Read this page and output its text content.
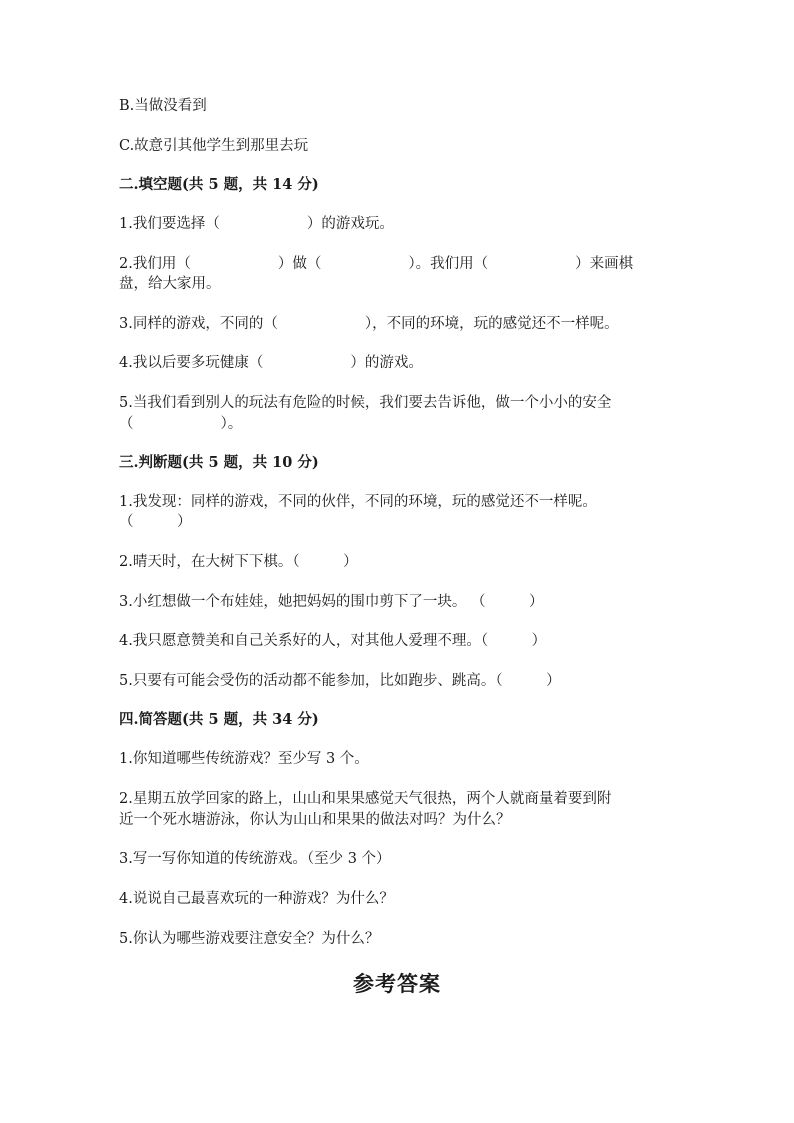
B.当做没看到
C.故意引其他学生到那里去玩
二.填空题(共 5 题，共 14 分)
1.我们要选择（　　　　　　）的游戏玩。
2.我们用（　　　　　　）做（　　　　　　）。我们用（　　　　　　）来画棋
盘，给大家用。
3.同样的游戏，不同的（　　　　　　），不同的环境，玩的感觉还不一样呢。
4.我以后要多玩健康（　　　　　　）的游戏。
5.当我们看到别人的玩法有危险的时候，我们要去告诉他，做一个小小的安全
（　　　　　　）。
三.判断题(共 5 题，共 10 分)
1.我发现：同样的游戏，不同的伙伴，不同的环境，玩的感觉还不一样呢。
（　　　）
2.晴天时，在大树下下棋。（　　　）
3.小红想做一个布娃娃，她把妈妈的围巾剪下了一块。 （　　　）
4.我只愿意赞美和自己关系好的人，对其他人爱理不理。（　　　）
5.只要有可能会受伤的活动都不能参加，比如跑步、跳高。（　　　）
四.简答题(共 5 题，共 34 分)
1.你知道哪些传统游戏？至少写 3 个。
2.星期五放学回家的路上，山山和果果感觉天气很热，两个人就商量着要到附
近一个死水塘游泳，你认为山山和果果的做法对吗？为什么？
3.写一写你知道的传统游戏。（至少 3 个）
4.说说自己最喜欢玩的一种游戏？为什么？
5.你认为哪些游戏要注意安全？为什么？
参考答案
